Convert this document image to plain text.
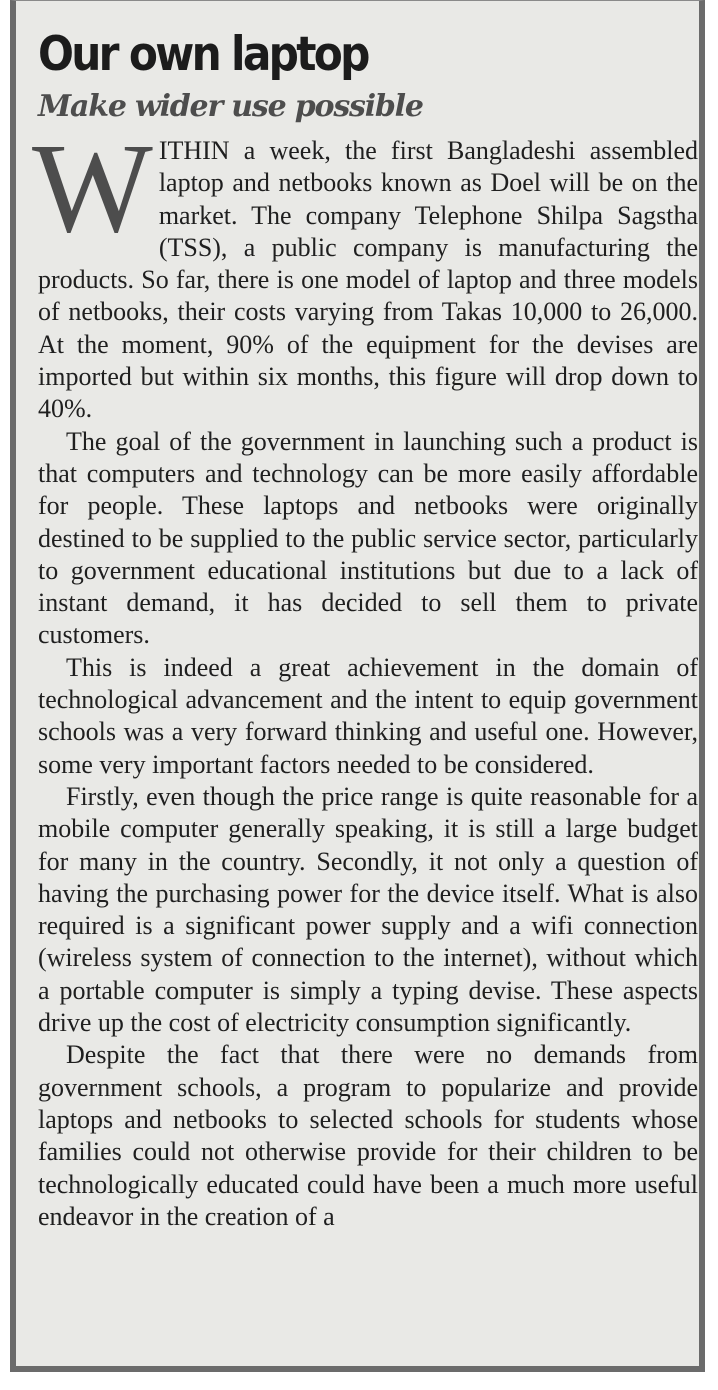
Our own laptop
Make wider use possible

WITHIN a week, the first Bangladeshi assembled laptop and netbooks known as Doel will be on the market. The company Telephone Shilpa Sagstha (TSS), a public company is manufacturing the products. So far, there is one model of laptop and three models of netbooks, their costs varying from Takas 10,000 to 26,000. At the moment, 90% of the equipment for the devises are imported but within six months, this figure will drop down to 40%.

The goal of the government in launching such a product is that computers and technology can be more easily affordable for people. These laptops and netbooks were originally destined to be supplied to the public service sector, particularly to government educational institutions but due to a lack of instant demand, it has decided to sell them to private customers.

This is indeed a great achievement in the domain of technological advancement and the intent to equip government schools was a very forward thinking and useful one. However, some very important factors needed to be considered.

Firstly, even though the price range is quite reasonable for a mobile computer generally speaking, it is still a large budget for many in the country. Secondly, it not only a question of having the purchasing power for the device itself. What is also required is a significant power supply and a wifi connection (wireless system of connection to the internet), without which a portable computer is simply a typing devise. These aspects drive up the cost of electricity consumption significantly.

Despite the fact that there were no demands from government schools, a program to popularize and provide laptops and netbooks to selected schools for students whose families could not otherwise provide for their children to be technologically educated could have been a much more useful endeavor in the creation of a
